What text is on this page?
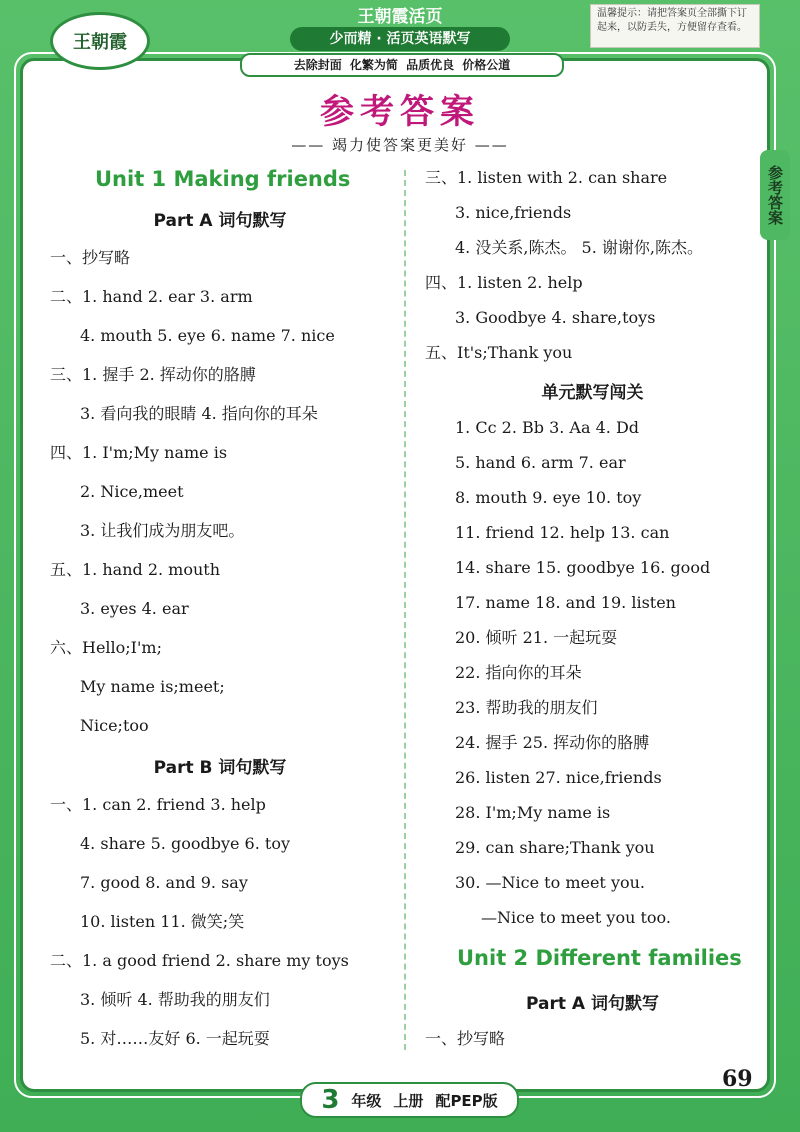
王朝霞
王朝霞活页
少而精 · 活页英语默写
去除封面 化繁为简 品质优良 价格公道
温馨提示：请把答案页全部撕下订起来，以防丢失，方便留存查看。
参考答案
参考答案
—— 竭力使答案更美好 ——
Unit 1 Making friends
Part A 词句默写
一、抄写略
二、1. hand 2. ear 3. arm
4. mouth 5. eye 6. name 7. nice
三、1. 握手 2. 挥动你的胳膊
3. 看向我的眼睛 4. 指向你的耳朵
四、1. I'm;My name is
2. Nice,meet
3. 让我们成为朋友吧。
五、1. hand 2. mouth
3. eyes 4. ear
六、Hello;I'm;
My name is;meet;
Nice;too
Part B 词句默写
一、1. can 2. friend 3. help
4. share 5. goodbye 6. toy
7. good 8. and 9. say
10. listen 11. 微笑;笑
二、1. a good friend 2. share my toys
3. 倾听 4. 帮助我的朋友们
5. 对……友好 6. 一起玩耍
三、1. listen with 2. can share
3. nice,friends
4. 没关系,陈杰。 5. 谢谢你,陈杰。
四、1. listen 2. help
3. Goodbye 4. share,toys
五、It's;Thank you
单元默写闯关
1. Cc 2. Bb 3. Aa 4. Dd
5. hand 6. arm 7. ear
8. mouth 9. eye 10. toy
11. friend 12. help 13. can
14. share 15. goodbye 16. good
17. name 18. and 19. listen
20. 倾听 21. 一起玩耍
22. 指向你的耳朵
23. 帮助我的朋友们
24. 握手 25. 挥动你的胳膊
26. listen 27. nice,friends
28. I'm;My name is
29. can share;Thank you
30. —Nice to meet you.
—Nice to meet you too.
Unit 2 Different families
Part A 词句默写
一、抄写略
3 年级 上册 配PEP版
69
